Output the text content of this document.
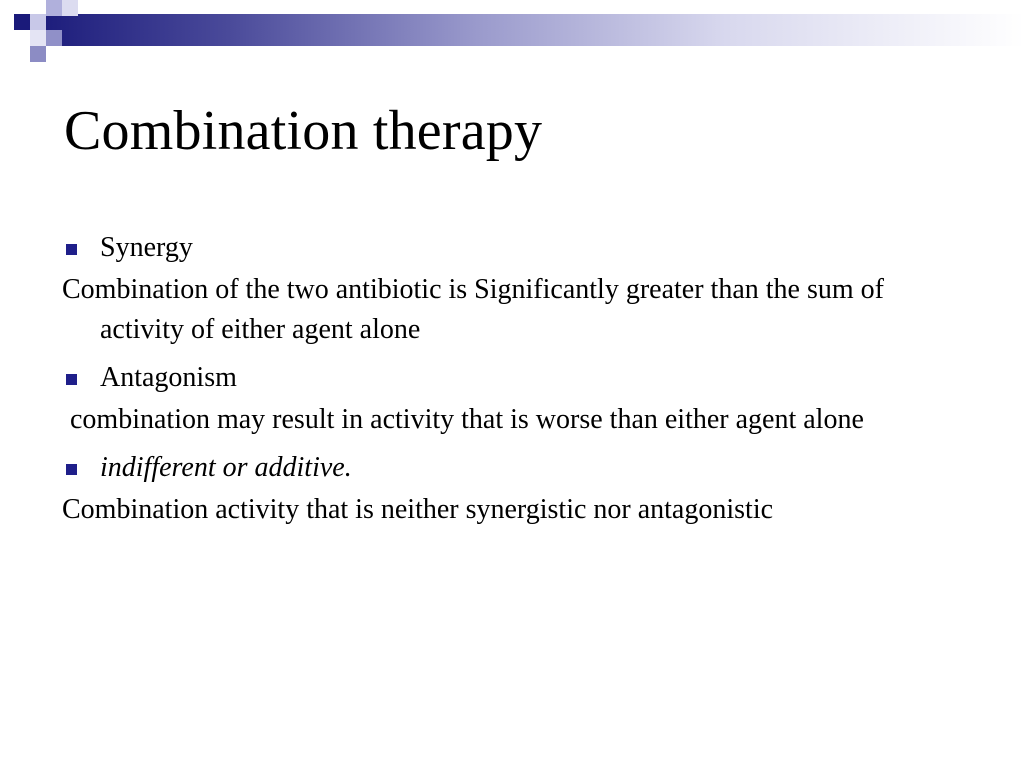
Combination therapy
Synergy
Combination of the two antibiotic is Significantly greater than the sum of activity of either agent alone
Antagonism
combination may result in activity that is worse than either agent alone
indifferent or additive.
Combination activity that is neither synergistic nor antagonistic
